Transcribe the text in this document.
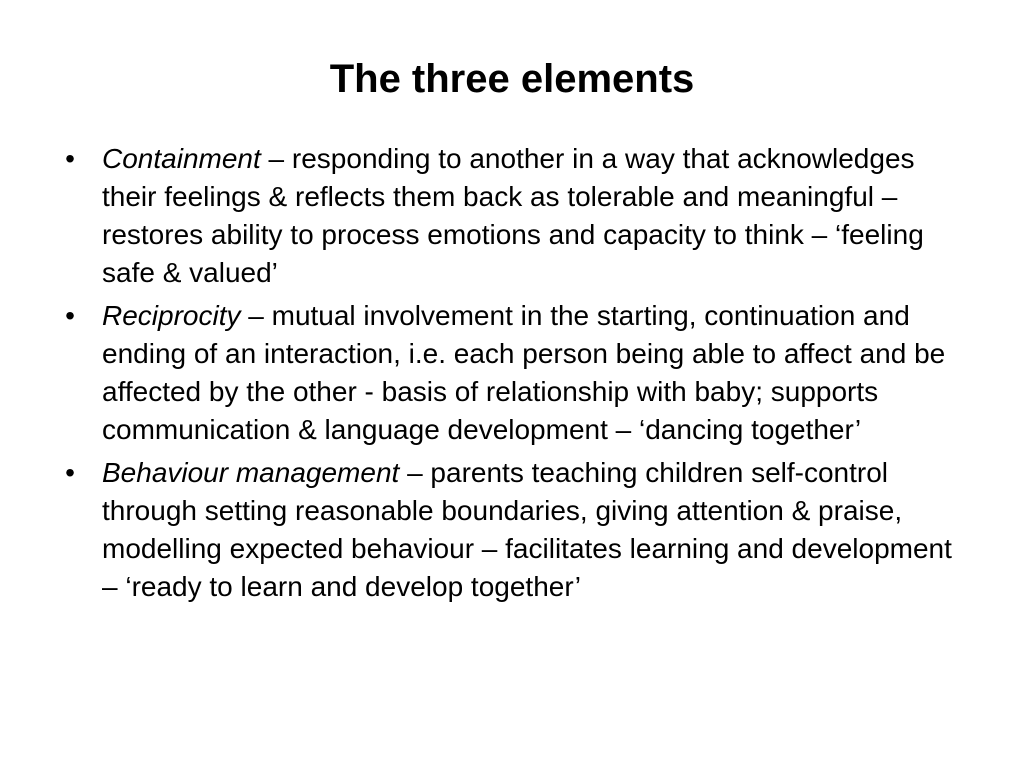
The three elements
• Containment – responding to another in a way that acknowledges their feelings & reflects them back as tolerable and meaningful – restores ability to process emotions and capacity to think – ‘feeling safe & valued’
• Reciprocity – mutual involvement in the starting, continuation and ending of an interaction, i.e. each person being able to affect and be affected by the other - basis of relationship with baby; supports communication & language development – ‘dancing together’
• Behaviour management – parents teaching children self-control through setting reasonable boundaries, giving attention & praise, modelling expected behaviour – facilitates learning and development – ‘ready to learn and develop together’
